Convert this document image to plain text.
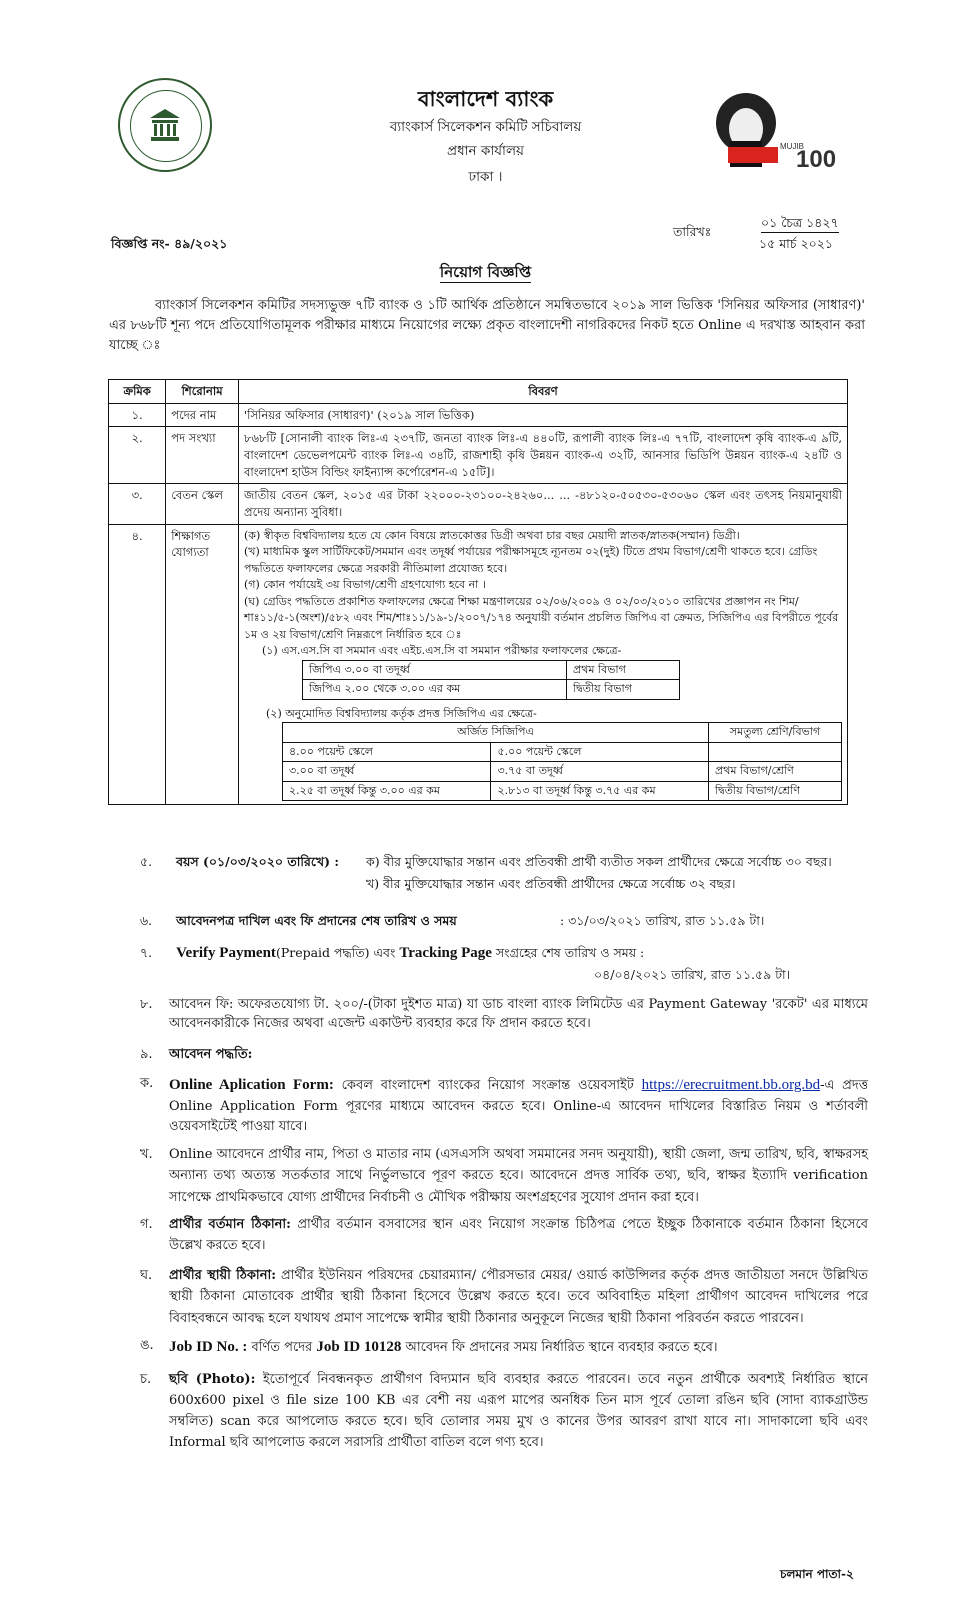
বাংলাদেশ ব্যাংক
ব্যাংকার্স সিলেকশন কমিটি সচিবালয়
প্রধান কার্যালয়
ঢাকা ।
100
MUJIB
বিজ্ঞপ্তি নং- ৪৯/২০২১
তারিখঃ
০১ চৈত্র ১৪২৭
১৫ মার্চ ২০২১
নিয়োগ বিজ্ঞপ্তি
ব্যাংকার্স সিলেকশন কমিটির সদস্যভুক্ত ৭টি ব্যাংক ও ১টি আর্থিক প্রতিষ্ঠানে সমন্বিতভাবে ২০১৯ সাল ভিত্তিক 'সিনিয়র অফিসার (সাধারণ)' এর ৮৬৮টি শূন্য পদে প্রতিযোগিতামূলক পরীক্ষার মাধ্যমে নিয়োগের লক্ষ্যে প্রকৃত বাংলাদেশী নাগরিকদের নিকট হতে Online এ দরখাস্ত আহবান করা যাচ্ছে ঃ
ক্রমিক	শিরোনাম	বিবরণ
১.	পদের নাম	'সিনিয়র অফিসার (সাধারণ)' (২০১৯ সাল ভিত্তিক)
২.	পদ সংখ্যা	৮৬৮টি [সোনালী ব্যাংক লিঃ-এ ২৩৭টি, জনতা ব্যাংক লিঃ-এ ৪৪০টি, রূপালী ব্যাংক লিঃ-এ ৭৭টি, বাংলাদেশ কৃষি ব্যাংক-এ ৯টি, বাংলাদেশ ডেভেলপমেন্ট ব্যাংক লিঃ-এ ৩৪টি, রাজশাহী কৃষি উন্নয়ন ব্যাংক-এ ৩২টি, আনসার ভিডিপি উন্নয়ন ব্যাংক-এ ২৪টি ও বাংলাদেশ হাউস বিল্ডিং ফাইন্যান্স কর্পোরেশন-এ ১৫টি]।
৩.	বেতন স্কেল	জাতীয় বেতন স্কেল, ২০১৫ এর টাকা ২২০০০-২৩১০০-২৪২৬০... ... -৪৮১২০-৫০৫৩০-৫৩০৬০ স্কেল এবং তৎসহ নিয়মানুযায়ী প্রদেয় অন্যান্য সুবিধা।
৪.	শিক্ষাগত যোগ্যতা	
(ক) স্বীকৃত বিশ্ববিদ্যালয় হতে যে কোন বিষয়ে স্নাতকোত্তর ডিগ্রী অথবা চার বছর মেয়াদী স্নাতক/স্নাতক(সম্মান) ডিগ্রী।
(খ) মাধ্যমিক স্কুল সার্টিফিকেট/সমমান এবং তদূর্ধ্ব পর্যায়ের পরীক্ষাসমূহে ন্যূনতম ০২(দুই) টিতে প্রথম বিভাগ/শ্রেণী থাকতে হবে। গ্রেডিং পদ্ধতিতে ফলাফলের ক্ষেত্রে সরকারী নীতিমালা প্রযোজ্য হবে।
(গ) কোন পর্যায়েই ৩য় বিভাগ/শ্রেণী গ্রহণযোগ্য হবে না ।
(ঘ) গ্রেডিং পদ্ধতিতে প্রকাশিত ফলাফলের ক্ষেত্রে শিক্ষা মন্ত্রণালয়ের ০২/০৬/২০০৯ ও ০২/০৩/২০১০ তারিখের প্রজ্ঞাপন নং শিম/শাঃ১১/৫-১(অংশ)/৫৮২ এবং শিম/শাঃ১১/১৯-১/২০০৭/১৭৪ অনুযায়ী বর্তমান প্রচলিত জিপিএ বা ক্রেমত, সিজিপিএ এর বিপরীতে পূর্বের ১ম ও ২য় বিভাগ/শ্রেণি নিম্নরূপে নির্ধারিত হবে ঃ
(১) এস.এস.সি বা সমমান এবং এইচ.এস.সি বা সমমান পরীক্ষার ফলাফলের ক্ষেত্রে-
জিপিএ ৩.০০ বা তদূর্ধ্ব	প্রথম বিভাগ
জিপিএ ২.০০ থেকে ৩.০০ এর কম	দ্বিতীয় বিভাগ
(২) অনুমোদিত বিশ্ববিদ্যালয় কর্তৃক প্রদত্ত সিজিপিএ এর ক্ষেত্রে-
অর্জিত সিজিপিএ	সমতুল্য শ্রেণি/বিভাগ
৪.০০ পয়েন্ট স্কেলে	৫.০০ পয়েন্ট স্কেলে	
৩.০০ বা তদূর্ধ্ব	৩.৭৫ বা তদূর্ধ্ব	প্রথম বিভাগ/শ্রেণি
২.২৫ বা তদূর্ধ্ব কিন্তু ৩.০০ এর কম	২.৮১৩ বা তদূর্ধ্ব কিন্তু ৩.৭৫ এর কম	দ্বিতীয় বিভাগ/শ্রেণি
৫. বয়স (০১/০৩/২০২০ তারিখে) : ক) বীর মুক্তিযোদ্ধার সন্তান এবং প্রতিবন্ধী প্রার্থী ব্যতীত সকল প্রার্থীদের ক্ষেত্রে সর্বোচ্চ ৩০ বছর।
খ) বীর মুক্তিযোদ্ধার সন্তান এবং প্রতিবন্ধী প্রার্থীদের ক্ষেত্রে সর্বোচ্চ ৩২ বছর।
৬. আবেদনপত্র দাখিল এবং ফি প্রদানের শেষ তারিখ ও সময়	: ৩১/০৩/২০২১ তারিখ, রাত ১১.৫৯ টা।
৭. Verify Payment(Prepaid পদ্ধতি) এবং Tracking Page সংগ্রহের শেষ তারিখ ও সময় :
০৪/০৪/২০২১ তারিখ, রাত ১১.৫৯ টা।
৮. আবেদন ফি: অফেরতযোগ্য টা. ২০০/-(টাকা দুইশত মাত্র) যা ডাচ বাংলা ব্যাংক লিমিটেড এর Payment Gateway 'রকেট' এর মাধ্যমে আবেদনকারীকে নিজের অথবা এজেন্ট একাউন্ট ব্যবহার করে ফি প্রদান করতে হবে।
৯. আবেদন পদ্ধতি:
ক. Online Aplication Form: কেবল বাংলাদেশ ব্যাংকের নিয়োগ সংক্রান্ত ওয়েবসাইট https://erecruitment.bb.org.bd-এ প্রদত্ত Online Application Form পূরণের মাধ্যমে আবেদন করতে হবে। Online-এ আবেদন দাখিলের বিস্তারিত নিয়ম ও শর্তাবলী ওয়েবসাইটেই পাওয়া যাবে।
খ. Online আবেদনে প্রার্থীর নাম, পিতা ও মাতার নাম (এসএসসি অথবা সমমানের সনদ অনুযায়ী), স্থায়ী জেলা, জন্ম তারিখ, ছবি, স্বাক্ষরসহ অন্যান্য তথ্য অত্যন্ত সতর্কতার সাথে নির্ভুলভাবে পূরণ করতে হবে। আবেদনে প্রদত্ত সার্বিক তথ্য, ছবি, স্বাক্ষর ইত্যাদি verification সাপেক্ষে প্রাথমিকভাবে যোগ্য প্রার্থীদের নির্বাচনী ও মৌখিক পরীক্ষায় অংশগ্রহণের সুযোগ প্রদান করা হবে।
গ. প্রার্থীর বর্তমান ঠিকানা: প্রার্থীর বর্তমান বসবাসের স্থান এবং নিয়োগ সংক্রান্ত চিঠিপত্র পেতে ইচ্ছুক ঠিকানাকে বর্তমান ঠিকানা হিসেবে উল্লেখ করতে হবে।
ঘ. প্রার্থীর স্থায়ী ঠিকানা: প্রার্থীর ইউনিয়ন পরিষদের চেয়ারম্যান/ পৌরসভার মেয়র/ ওয়ার্ড কাউন্সিলর কর্তৃক প্রদত্ত জাতীয়তা সনদে উল্লিখিত স্থায়ী ঠিকানা মোতাবেক প্রার্থীর স্থায়ী ঠিকানা হিসেবে উল্লেখ করতে হবে। তবে অবিবাহিত মহিলা প্রার্থীগণ আবেদন দাখিলের পরে বিবাহবন্ধনে আবদ্ধ হলে যথাযথ প্রমাণ সাপেক্ষে স্বামীর স্থায়ী ঠিকানার অনুকূলে নিজের স্থায়ী ঠিকানা পরিবর্তন করতে পারবেন।
ঙ. Job ID No. : বর্ণিত পদের Job ID 10128 আবেদন ফি প্রদানের সময় নির্ধারিত স্থানে ব্যবহার করতে হবে।
চ. ছবি (Photo): ইতোপূর্বে নিবন্ধনকৃত প্রার্থীগণ বিদ্যমান ছবি ব্যবহার করতে পারবেন। তবে নতুন প্রার্থীকে অবশ্যই নির্ধারিত স্থানে 600x600 pixel ও file size 100 KB এর বেশী নয় এরূপ মাপের অনধিক তিন মাস পূর্বে তোলা রঙিন ছবি (সাদা ব্যাকগ্রাউন্ড সম্বলিত) scan করে আপলোড করতে হবে। ছবি তোলার সময় মুখ ও কানের উপর আবরণ রাখা যাবে না। সাদাকালো ছবি এবং Informal ছবি আপলোড করলে সরাসরি প্রার্থীতা বাতিল বলে গণ্য হবে।
চলমান পাতা-২
